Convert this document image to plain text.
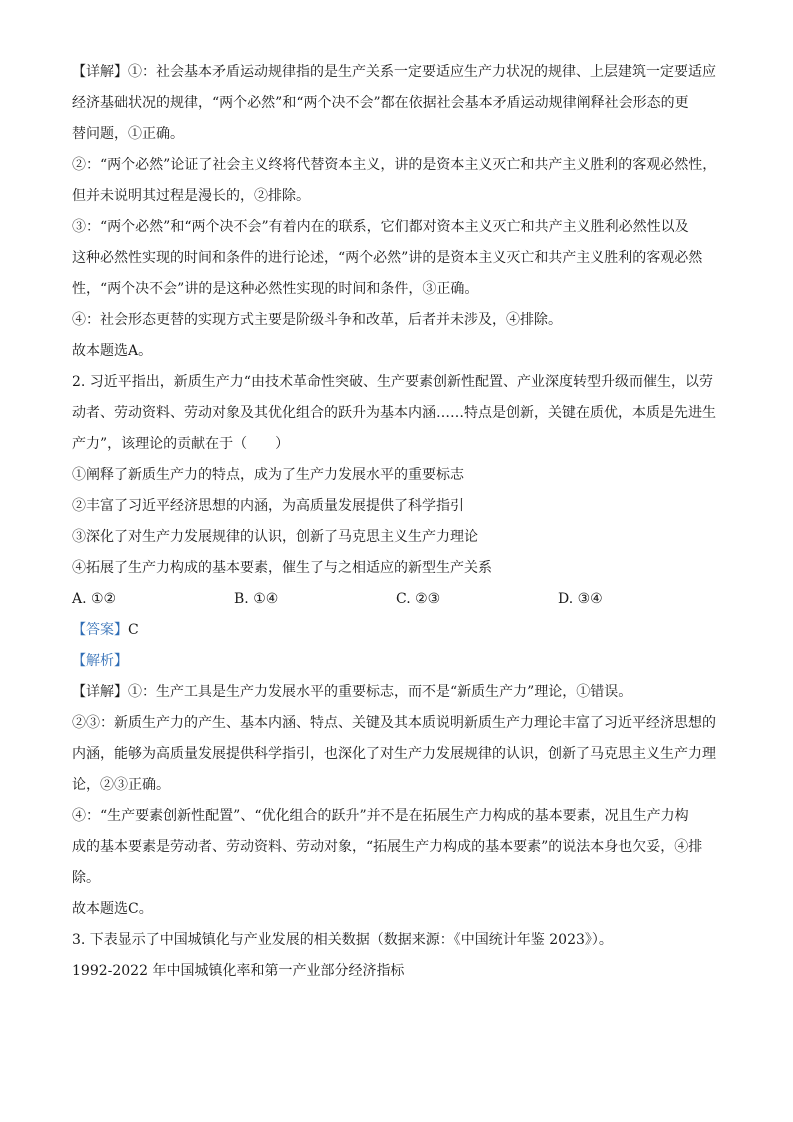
【详解】①：社会基本矛盾运动规律指的是生产关系一定要适应生产力状况的规律、上层建筑一定要适应
经济基础状况的规律，“两个必然”和“两个决不会”都在依据社会基本矛盾运动规律阐释社会形态的更
替问题，①正确。
②：“两个必然”论证了社会主义终将代替资本主义，讲的是资本主义灭亡和共产主义胜利的客观必然性，
但并未说明其过程是漫长的，②排除。
③：“两个必然”和“两个决不会”有着内在的联系，它们都对资本主义灭亡和共产主义胜利必然性以及
这种必然性实现的时间和条件的进行论述，“两个必然”讲的是资本主义灭亡和共产主义胜利的客观必然
性，“两个决不会”讲的是这种必然性实现的时间和条件，③正确。
④：社会形态更替的实现方式主要是阶级斗争和改革，后者并未涉及，④排除。
故本题选A。
2. 习近平指出，新质生产力“由技术革命性突破、生产要素创新性配置、产业深度转型升级而催生，以劳
动者、劳动资料、劳动对象及其优化组合的跃升为基本内涵……特点是创新，关键在质优，本质是先进生
产力”，该理论的贡献在于（　　）
①阐释了新质生产力的特点，成为了生产力发展水平的重要标志
②丰富了习近平经济思想的内涵，为高质量发展提供了科学指引
③深化了对生产力发展规律的认识，创新了马克思主义生产力理论
④拓展了生产力构成的基本要素，催生了与之相适应的新型生产关系
A. ①②	B. ①④	C. ②③	D. ③④
【答案】C
【解析】
【详解】①：生产工具是生产力发展水平的重要标志，而不是“新质生产力”理论，①错误。
②③：新质生产力的产生、基本内涵、特点、关键及其本质说明新质生产力理论丰富了习近平经济思想的
内涵，能够为高质量发展提供科学指引，也深化了对生产力发展规律的认识，创新了马克思主义生产力理
论，②③正确。
④：“生产要素创新性配置”、“优化组合的跃升”并不是在拓展生产力构成的基本要素，况且生产力构
成的基本要素是劳动者、劳动资料、劳动对象，“拓展生产力构成的基本要素”的说法本身也欠妥，④排
除。
故本题选C。
3. 下表显示了中国城镇化与产业发展的相关数据（数据来源：《中国统计年鉴 2023》）。
1992-2022 年中国城镇化率和第一产业部分经济指标
